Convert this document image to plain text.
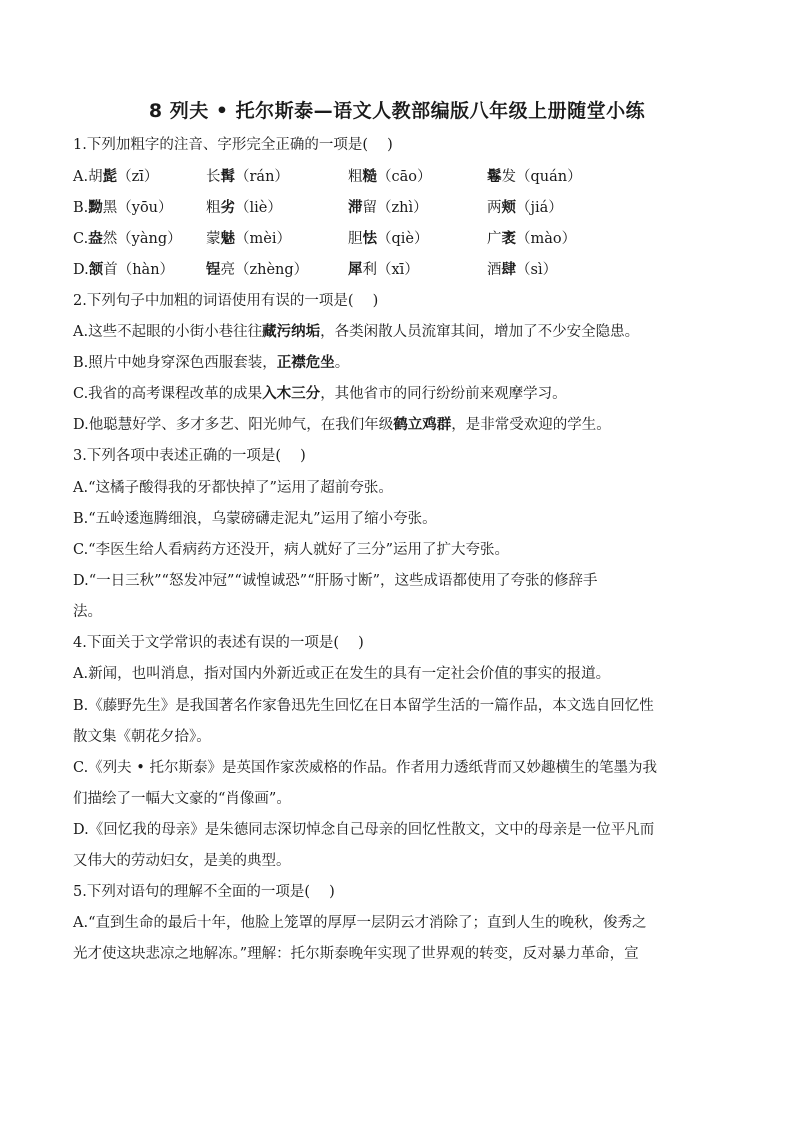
8 列夫 • 托尔斯泰—语文人教部编版八年级上册随堂小练
1.下列加粗字的注音、字形完全正确的一项是(　 )
A.胡髭（zī）	长髯（rán）	粗糙（cāo）	鬈发（quán）
B.黝黑（yōu） 粗劣（liè）	滞留（zhì）	两颊（jiá）
C.盎然（yàng） 蒙魅（mèi）	胆怯（qiè）	广袤（mào）
D.颔首（hàn） 锃亮（zhèng）	犀利（xī）	酒肆（sì）
2.下列句子中加粗的词语使用有误的一项是(　 )
A.这些不起眼的小街小巷往往藏污纳垢，各类闲散人员流窜其间，增加了不少安全隐患。
B.照片中她身穿深色西服套装，正襟危坐。
C.我省的高考课程改革的成果入木三分，其他省市的同行纷纷前来观摩学习。
D.他聪慧好学、多才多艺、阳光帅气，在我们年级鹤立鸡群，是非常受欢迎的学生。
3.下列各项中表述正确的一项是(　 )
A.“这橘子酸得我的牙都快掉了”运用了超前夸张。
B.“五岭逶迤腾细浪，乌蒙磅礴走泥丸”运用了缩小夸张。
C.“李医生给人看病药方还没开，病人就好了三分”运用了扩大夸张。
D.“一日三秋”“怒发冲冠”“诚惶诚恐”“肝肠寸断”，这些成语都使用了夸张的修辞手
法。
4.下面关于文学常识的表述有误的一项是(　 )
A.新闻，也叫消息，指对国内外新近或正在发生的具有一定社会价值的事实的报道。
B.《藤野先生》是我国著名作家鲁迅先生回忆在日本留学生活的一篇作品，本文选自回忆性
散文集《朝花夕拾》。
C.《列夫 • 托尔斯泰》是英国作家茨威格的作品。作者用力透纸背而又妙趣横生的笔墨为我
们描绘了一幅大文豪的“肖像画”。
D.《回忆我的母亲》是朱德同志深切悼念自己母亲的回忆性散文，文中的母亲是一位平凡而
又伟大的劳动妇女，是美的典型。
5.下列对语句的理解不全面的一项是(　 )
A.“直到生命的最后十年，他脸上笼罩的厚厚一层阴云才消除了；直到人生的晚秋，俊秀之
光才使这块悲凉之地解冻。”理解：托尔斯泰晚年实现了世界观的转变，反对暴力革命，宣
